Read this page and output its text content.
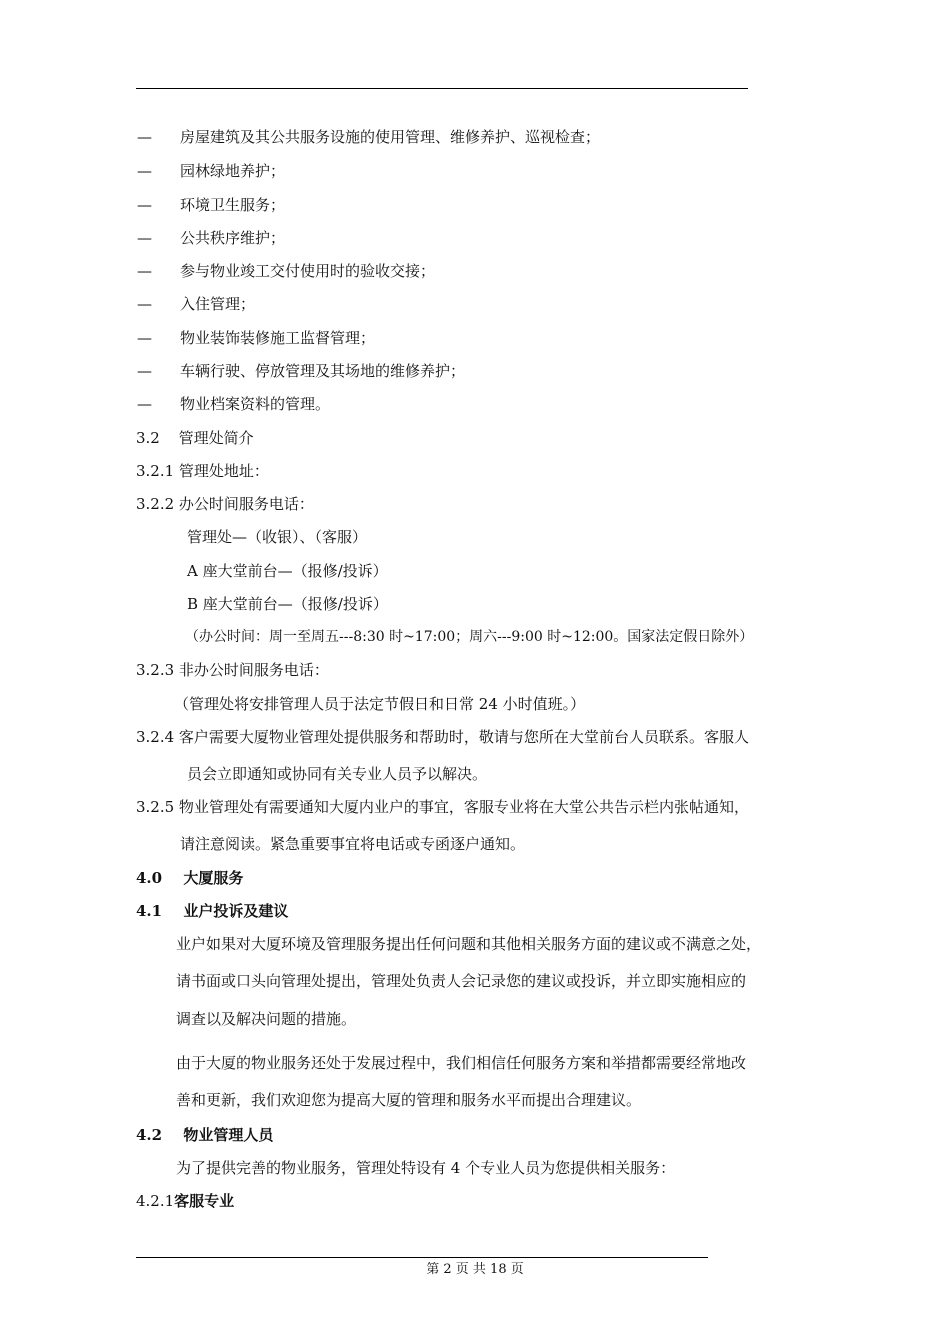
— 房屋建筑及其公共服务设施的使用管理、维修养护、巡视检查；
— 园林绿地养护；
— 环境卫生服务；
— 公共秩序维护；
— 参与物业竣工交付使用时的验收交接；
— 入住管理；
— 物业装饰装修施工监督管理；
— 车辆行驶、停放管理及其场地的维修养护；
— 物业档案资料的管理。
3.2 管理处简介
3.2.1 管理处地址：
3.2.2 办公时间服务电话：
管理处—（收银）、（客服）
A 座大堂前台—（报修/投诉）
B 座大堂前台—（报修/投诉）
（办公时间：周一至周五---8:30 时~17:00；周六---9:00 时~12:00。国家法定假日除外）
3.2.3 非办公时间服务电话：
（管理处将安排管理人员于法定节假日和日常 24 小时值班。）
3.2.4 客户需要大厦物业管理处提供服务和帮助时，敬请与您所在大堂前台人员联系。客服人
员会立即通知或协同有关专业人员予以解决。
3.2.5 物业管理处有需要通知大厦内业户的事宜，客服专业将在大堂公共告示栏内张帖通知，
请注意阅读。紧急重要事宜将电话或专函逐户通知。
4.0 大厦服务
4.1 业户投诉及建议
业户如果对大厦环境及管理服务提出任何问题和其他相关服务方面的建议或不满意之处，
请书面或口头向管理处提出，管理处负责人会记录您的建议或投诉，并立即实施相应的
调查以及解决问题的措施。
由于大厦的物业服务还处于发展过程中，我们相信任何服务方案和举措都需要经常地改
善和更新，我们欢迎您为提高大厦的管理和服务水平而提出合理建议。
4.2 物业管理人员
为了提供完善的物业服务，管理处特设有 4 个专业人员为您提供相关服务：
4.2.1客服专业
第 2 页 共 18 页
